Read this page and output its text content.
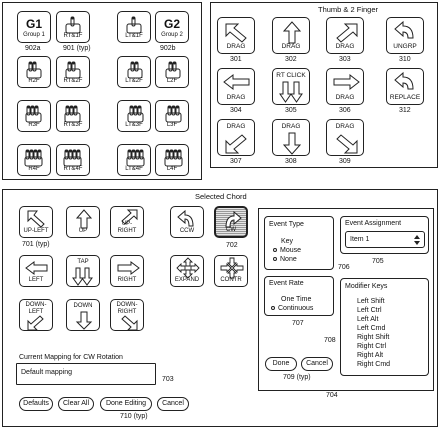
G1
Group 1	RT&1F	LT&1F
G2
Group 2
902a	901 (typ)	902b
R2F	RT&2F	LT&2F	L2F
R3F	RT&3F	LT&3F	L3F
R4F	RT&4F	LT&4F	L4F
Thumb & 2 Finger
DRAG
301
DRAG
302
DRAG
303
UNGRP
310
DRAG
304
RT CLICK
305
DRAG
306
REPLACE
312
DRAG
307
DRAG
308
DRAG
309
Selected Chord
UP-LEFT	UP
UP-
RIGHT
701 (typ)
LEFT
TAP
RIGHT
DOWN-
LEFT
DOWN	DOWN-
RIGHT
CCW	CW
702
EXPAND	CONTR
Current Mapping for CW Rotation
Default mapping
703
Defaults	Clear All	Done Editing	Cancel
710 (typ)
Event Type
Key
Mouse
None
706
Event Assignment
Item 1
705
Event Rate
One Time
Continuous
707
708
Modifier Keys
Left Shift
Left Ctrl
Left Alt
Left Cmd
Right Shift
Right Ctrl
Right Alt
Right Cmd
Done	Cancel
709 (typ)
704
